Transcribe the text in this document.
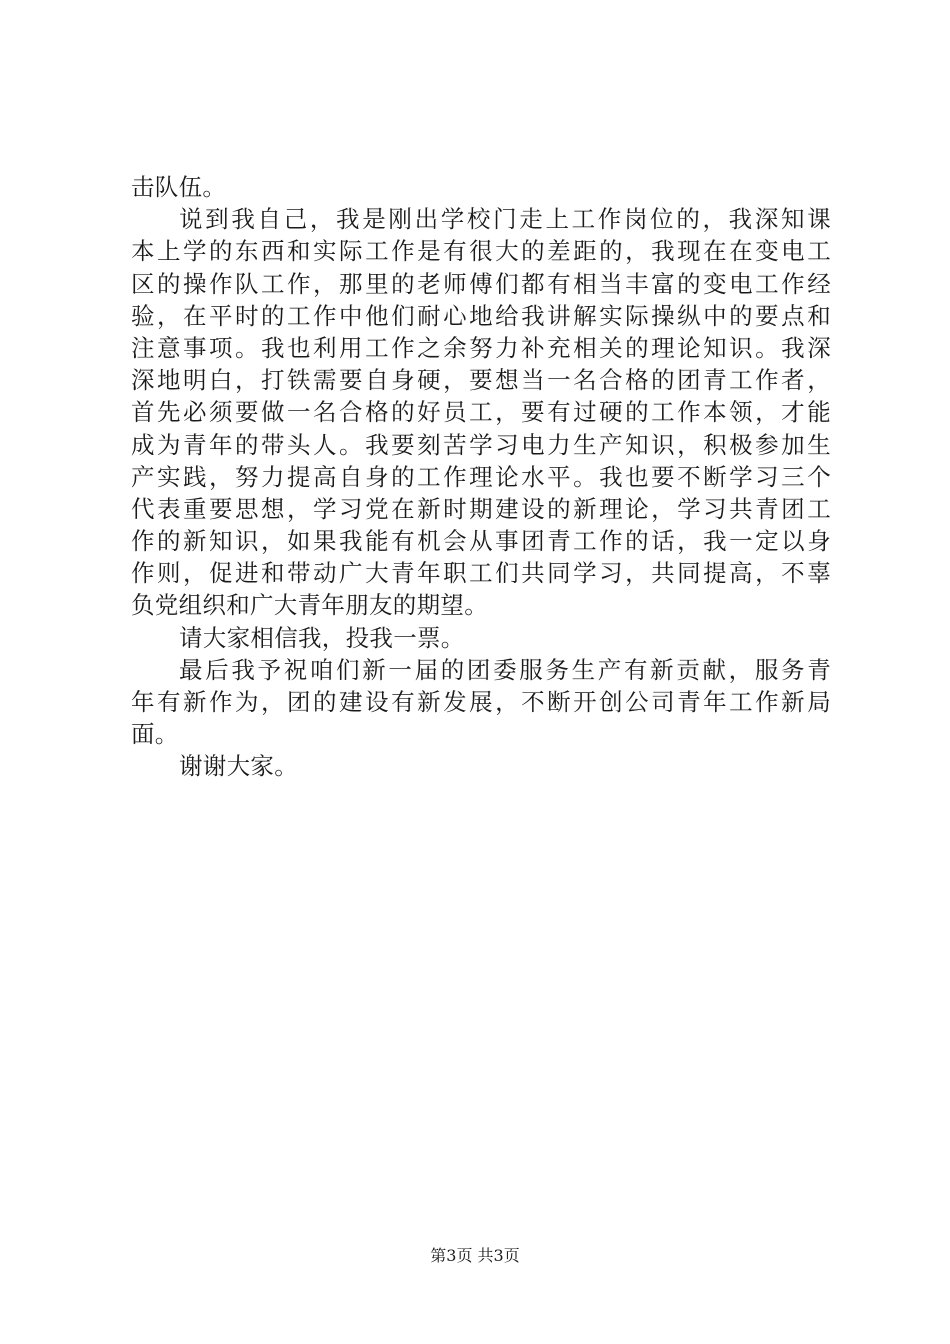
击队伍。
说到我自己，我是刚出学校门走上工作岗位的，我深知课
本上学的东西和实际工作是有很大的差距的，我现在在变电工
区的操作队工作，那里的老师傅们都有相当丰富的变电工作经
验，在平时的工作中他们耐心地给我讲解实际操纵中的要点和
注意事项。我也利用工作之余努力补充相关的理论知识。我深
深地明白，打铁需要自身硬，要想当一名合格的团青工作者，
首先必须要做一名合格的好员工，要有过硬的工作本领，才能
成为青年的带头人。我要刻苦学习电力生产知识，积极参加生
产实践，努力提高自身的工作理论水平。我也要不断学习三个
代表重要思想，学习党在新时期建设的新理论，学习共青团工
作的新知识，如果我能有机会从事团青工作的话，我一定以身
作则，促进和带动广大青年职工们共同学习，共同提高，不辜
负党组织和广大青年朋友的期望。
请大家相信我，投我一票。
最后我予祝咱们新一届的团委服务生产有新贡献，服务青
年有新作为，团的建设有新发展，不断开创公司青年工作新局
面。
谢谢大家。
第3页 共3页
